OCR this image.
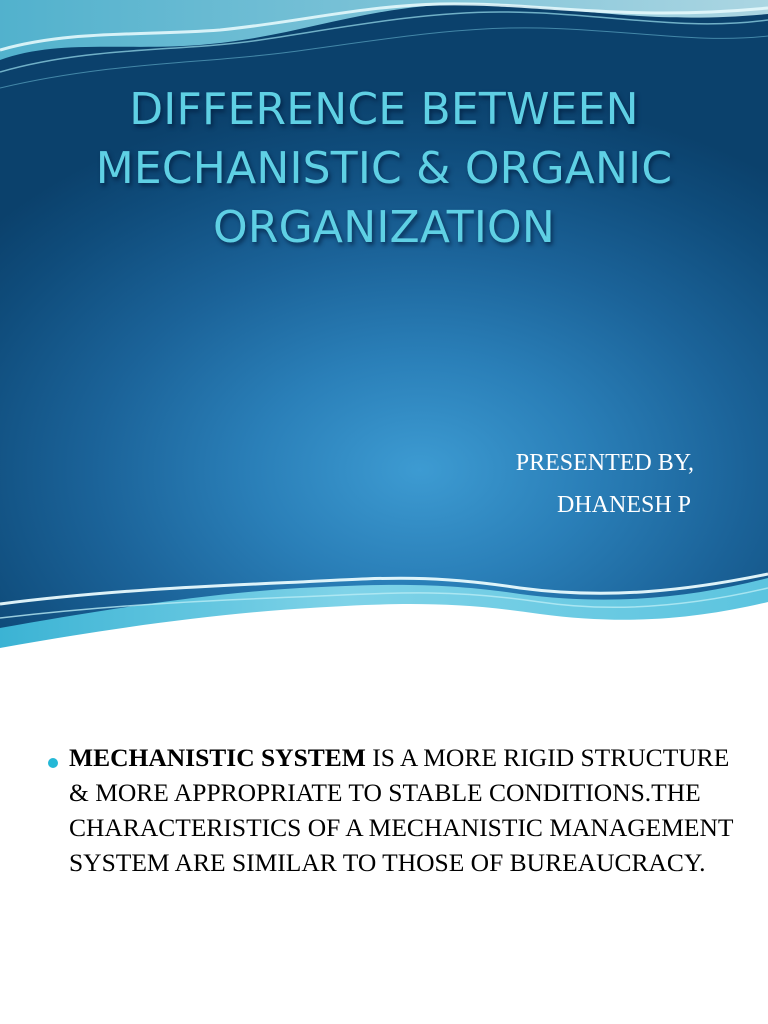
DIFFERENCE BETWEEN
MECHANISTIC & ORGANIC
ORGANIZATION
PRESENTED BY,
DHANESH P

MECHANISTIC SYSTEM IS A MORE RIGID STRUCTURE & MORE APPROPRIATE TO STABLE CONDITIONS.THE CHARACTERISTICS OF A MECHANISTIC MANAGEMENT SYSTEM ARE SIMILAR TO THOSE OF BUREAUCRACY.
